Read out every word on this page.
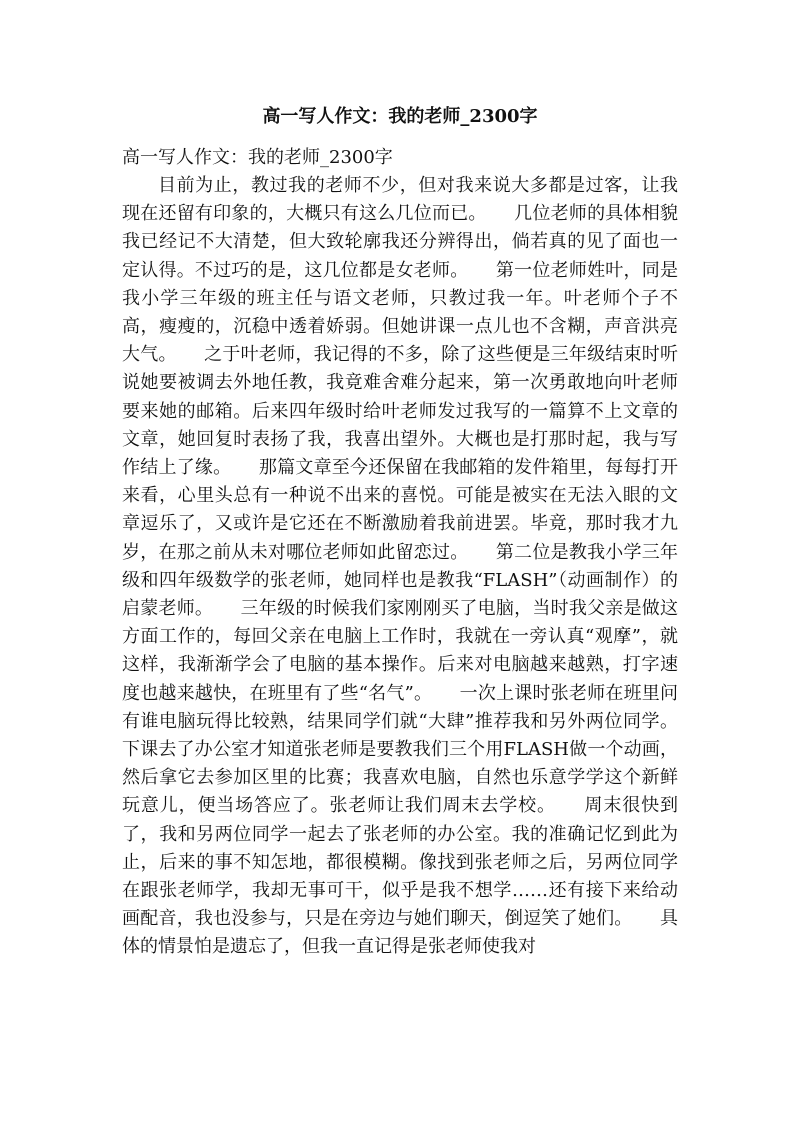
高一写人作文：我的老师_2300字

高一写人作文：我的老师_2300字

目前为止，教过我的老师不少，但对我来说大多都是过客，让我现在还留有印象的，大概只有这么几位而已。　　几位老师的具体相貌我已经记不大清楚，但大致轮廓我还分辨得出，倘若真的见了面也一定认得。不过巧的是，这几位都是女老师。　　第一位老师姓叶，同是我小学三年级的班主任与语文老师，只教过我一年。叶老师个子不高，瘦瘦的，沉稳中透着娇弱。但她讲课一点儿也不含糊，声音洪亮大气。　　之于叶老师，我记得的不多，除了这些便是三年级结束时听说她要被调去外地任教，我竟难舍难分起来，第一次勇敢地向叶老师要来她的邮箱。后来四年级时给叶老师发过我写的一篇算不上文章的文章，她回复时表扬了我，我喜出望外。大概也是打那时起，我与写作结上了缘。　　那篇文章至今还保留在我邮箱的发件箱里，每每打开来看，心里头总有一种说不出来的喜悦。可能是被实在无法入眼的文章逗乐了，又或许是它还在不断激励着我前进罢。毕竟，那时我才九岁，在那之前从未对哪位老师如此留恋过。　　第二位是教我小学三年级和四年级数学的张老师，她同样也是教我“FLASH”（动画制作）的启蒙老师。　　三年级的时候我们家刚刚买了电脑，当时我父亲是做这方面工作的，每回父亲在电脑上工作时，我就在一旁认真“观摩”，就这样，我渐渐学会了电脑的基本操作。后来对电脑越来越熟，打字速度也越来越快，在班里有了些“名气”。　　一次上课时张老师在班里问有谁电脑玩得比较熟，结果同学们就“大肆”推荐我和另外两位同学。下课去了办公室才知道张老师是要教我们三个用FLASH做一个动画，然后拿它去参加区里的比赛；我喜欢电脑，自然也乐意学学这个新鲜玩意儿，便当场答应了。张老师让我们周末去学校。　　周末很快到了，我和另两位同学一起去了张老师的办公室。我的准确记忆到此为止，后来的事不知怎地，都很模糊。像找到张老师之后，另两位同学在跟张老师学，我却无事可干，似乎是我不想学……还有接下来给动画配音，我也没参与，只是在旁边与她们聊天，倒逗笑了她们。　　具体的情景怕是遗忘了，但我一直记得是张老师使我对
